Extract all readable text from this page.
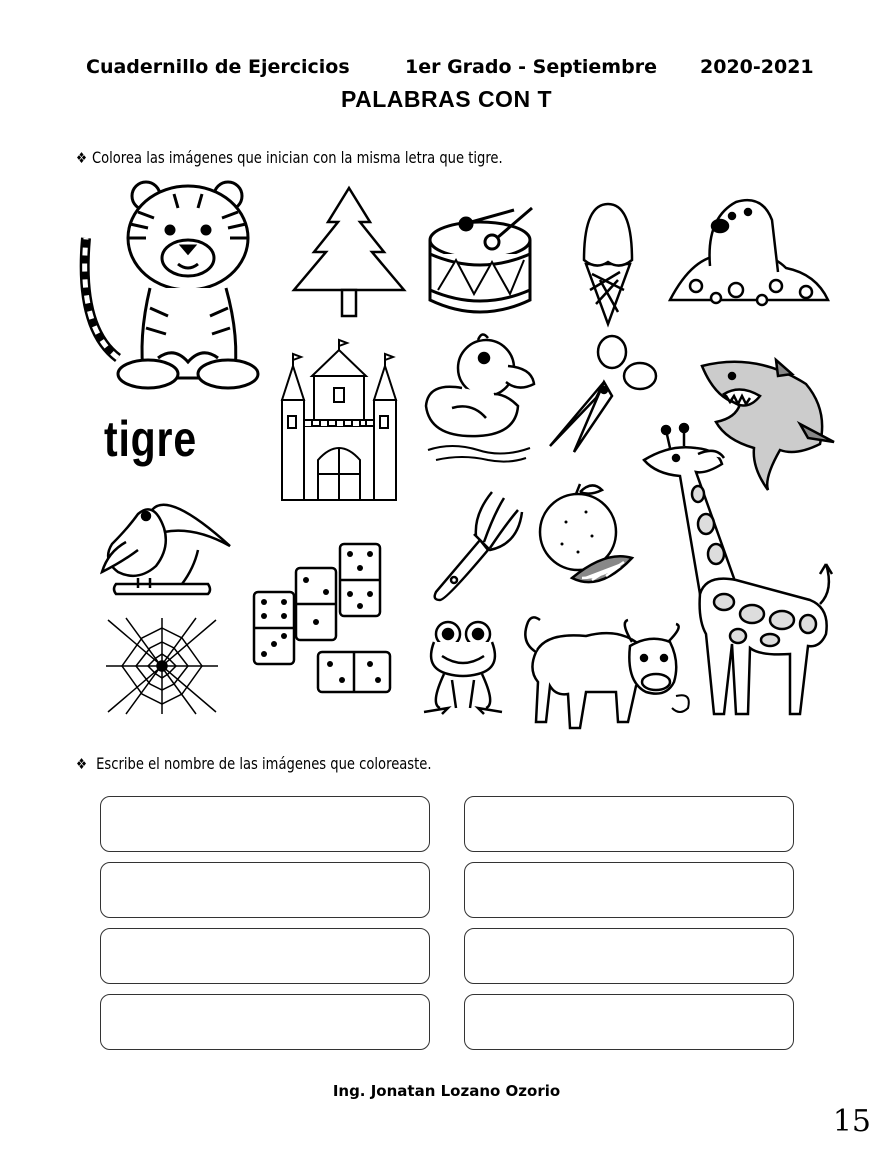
Cuadernillo de Ejercicios	1er Grado - Septiembre 2020-2021
PALABRAS CON T
❖ Colorea las imágenes que inician con la misma letra que tigre.
tigre
❖ Escribe el nombre de las imágenes que coloreaste.
Ing. Jonatan Lozano Ozorio
15
